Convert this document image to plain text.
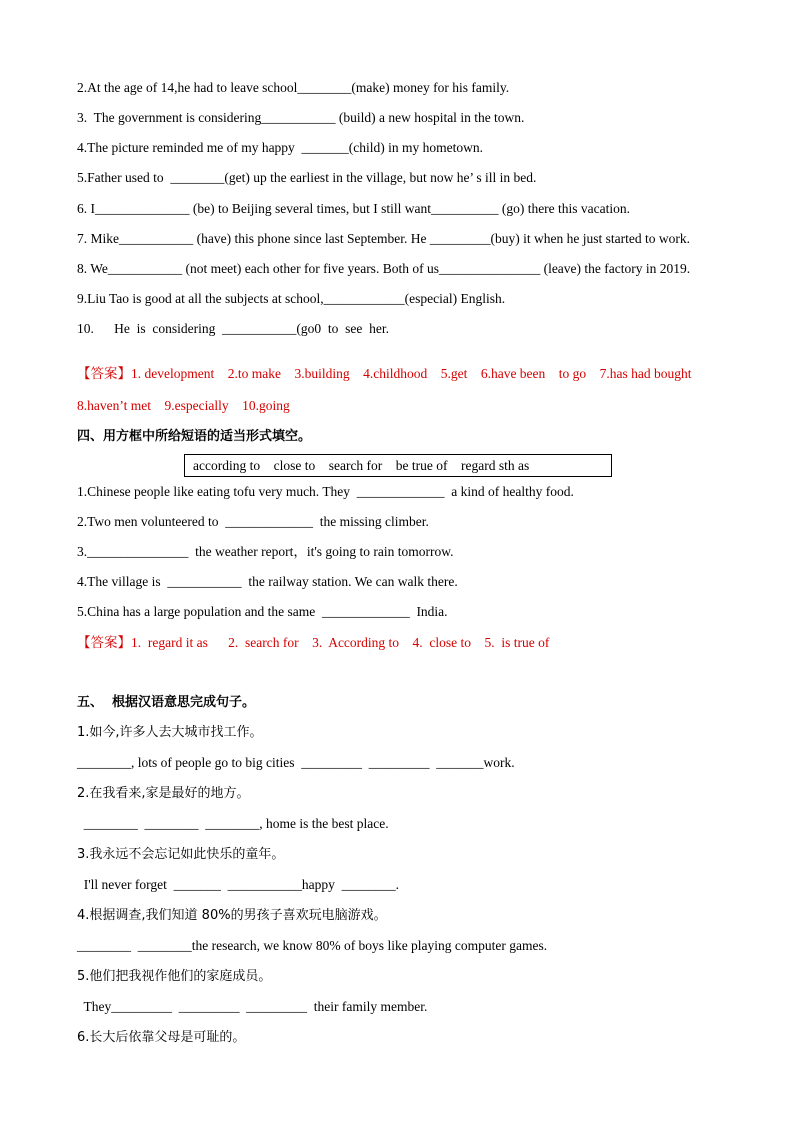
2.At the age of 14,he had to leave school________(make) money for his family.
3.  The government is considering___________ (build) a new hospital in the town.
4.The picture reminded me of my happy  _______(child) in my hometown.
5.Father used to  ________(get) up the earliest in the village, but now he’ s ill in bed.
6. I______________ (be) to Beijing several times, but I still want__________ (go) there this vacation.
7. Mike___________ (have) this phone since last September. He _________(buy) it when he just started to work.
8. We___________ (not meet) each other for five years. Both of us_______________ (leave) the factory in 2019.
9.Liu Tao is good at all the subjects at school,____________(especial) English.
10.      He  is  considering  ___________(go0  to  see  her.
【答案】1. development    2.to make    3.building    4.childhood    5.get    6.have been    to go    7.has had bought
8.haven’t met    9.especially    10.going
四、用方框中所给短语的适当形式填空。
according to    close to    search for    be true of    regard sth as
1.Chinese people like eating tofu very much. They  _____________  a kind of healthy food.
2.Two men volunteered to  _____________  the missing climber.
3._______________  the weather report，it's going to rain tomorrow.
4.The village is  ___________  the railway station. We can walk there.
5.China has a large population and the same  _____________  India.
【答案】1.  regard it as      2.  search for    3.  According to    4.  close to    5.  is true of
五、  根据汉语意思完成句子。
1.如今,许多人去大城市找工作。
________, lots of people go to big cities  _________  _________  _______work.
2.在我看来,家是最好的地方。
________  ________  ________, home is the best place.
3.我永远不会忘记如此快乐的童年。
I'll never forget  _______  ___________happy  ________.
4.根据调查,我们知道 80%的男孩子喜欢玩电脑游戏。
________  ________the research, we know 80% of boys like playing computer games.
5.他们把我视作他们的家庭成员。
They_________  _________  _________  their family member.
6.长大后依靠父母是可耻的。
